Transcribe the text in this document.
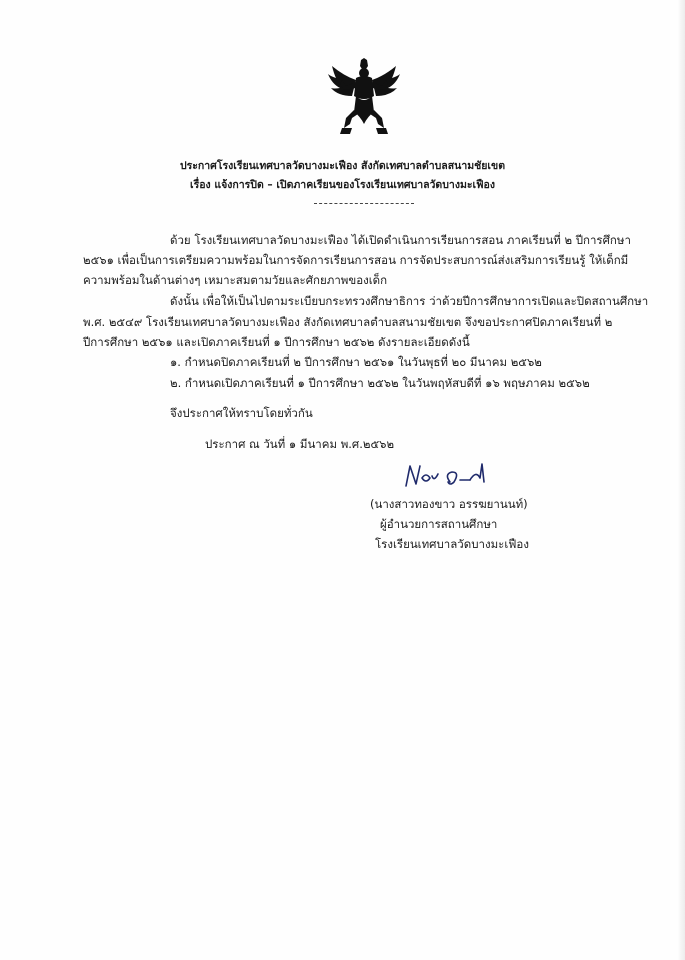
ประกาศโรงเรียนเทศบาลวัดบางมะเฟือง สังกัดเทศบาลตำบลสนามชัยเขต
เรื่อง แจ้งการปิด – เปิดภาคเรียนของโรงเรียนเทศบาลวัดบางมะเฟือง
ด้วย โรงเรียนเทศบาลวัดบางมะเฟือง ได้เปิดดำเนินการเรียนการสอน ภาคเรียนที่ ๒ ปีการศึกษา
๒๕๖๑ เพื่อเป็นการเตรียมความพร้อมในการจัดการเรียนการสอน การจัดประสบการณ์ส่งเสริมการเรียนรู้ ให้เด็กมี
ความพร้อมในด้านต่างๆ เหมาะสมตามวัยและศักยภาพของเด็ก
ดังนั้น เพื่อให้เป็นไปตามระเบียบกระทรวงศึกษาธิการ ว่าด้วยปีการศึกษาการเปิดและปิดสถานศึกษา
พ.ศ. ๒๕๔๙ โรงเรียนเทศบาลวัดบางมะเฟือง สังกัดเทศบาลตำบลสนามชัยเขต จึงขอประกาศปิดภาคเรียนที่ ๒
ปีการศึกษา ๒๕๖๑ และเปิดภาคเรียนที่ ๑ ปีการศึกษา ๒๕๖๒ ดังรายละเอียดดังนี้
๑. กำหนดปิดภาคเรียนที่ ๒ ปีการศึกษา ๒๕๖๑ ในวันพุธที่ ๒๐ มีนาคม ๒๕๖๒
๒. กำหนดเปิดภาคเรียนที่ ๑ ปีการศึกษา ๒๕๖๒ ในวันพฤหัสบดีที่ ๑๖ พฤษภาคม ๒๕๖๒
จึงประกาศให้ทราบโดยทั่วกัน
ประกาศ ณ วันที่ ๑ มีนาคม พ.ศ.๒๕๖๒
(นางสาวทองขาว อรรฆยานนท์)
ผู้อำนวยการสถานศึกษา
โรงเรียนเทศบาลวัดบางมะเฟือง
